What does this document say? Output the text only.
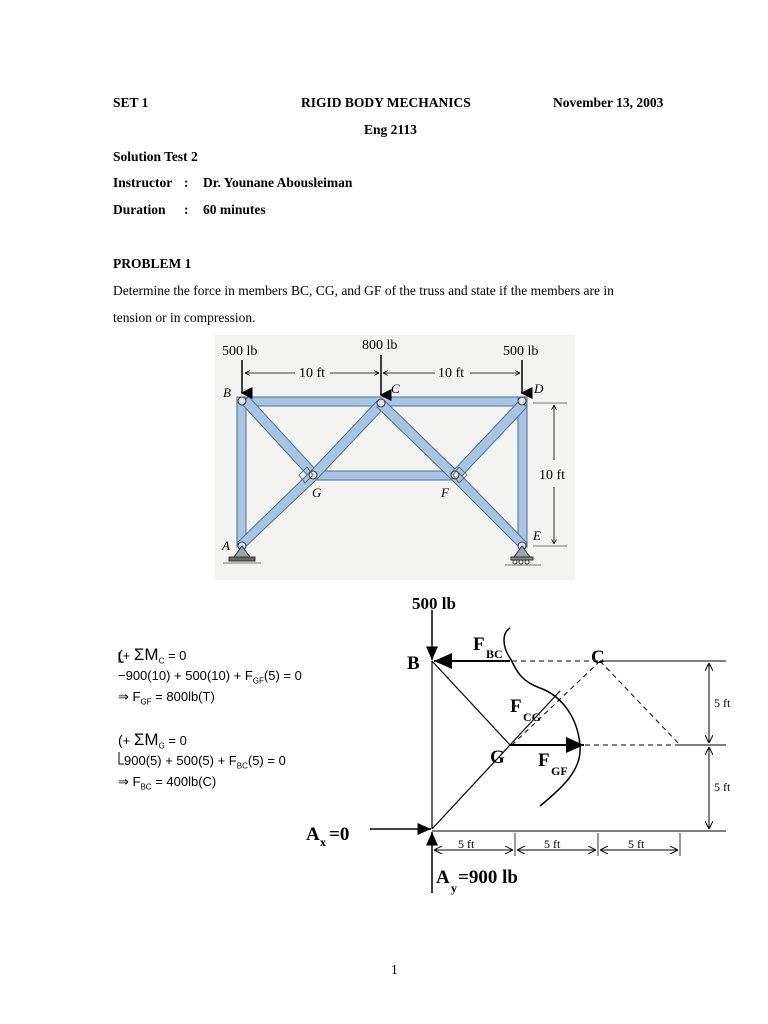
SET 1	RIGID BODY MECHANICS	November 13, 2003
Eng 2113
Solution Test 2
Instructor : Dr. Younane Abousleiman
Duration : 60 minutes
PROBLEM 1
Determine the force in members BC, CG, and GF of the truss and state if the members are in
tension or in compression.
500 lb	800 lb	500 lb
10 ft	10 ft
10 ft
B	C	D
G	F
A
E
(+ $\Sigma M_C = 0$
$-900(10) + 500(10) + F_{GF}(5) = 0$
⇒ $F_{GF} = 800lb(T)$
(+ $\Sigma M_G = 0$
$900(5) + 500(5) + F_{BC}(5) = 0$
⇒ $F_{BC} = 400lb(C)$
500 lb
B	C
G
F BC
F CG
F GF
A x =0
A y =900 lb
5 ft
5 ft
5 ft	5 ft	5 ft
1
